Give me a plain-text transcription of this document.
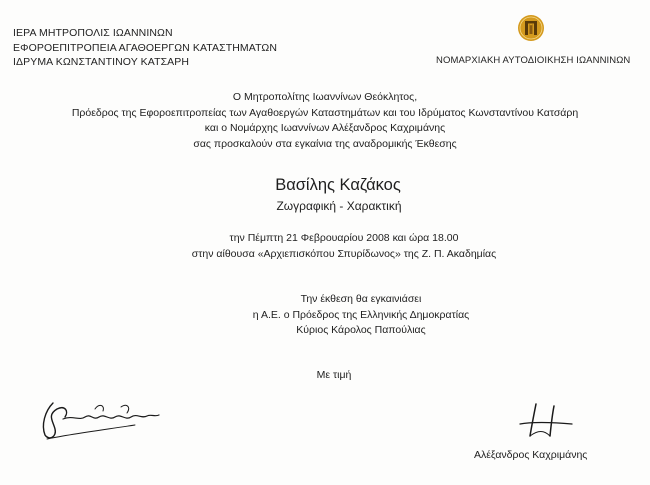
ΙΕΡΑ ΜΗΤΡΟΠΟΛΙΣ ΙΩΑΝΝΙΝΩΝ
ΕΦΟΡΟΕΠΙΤΡΟΠΕΙΑ ΑΓΑΘΟΕΡΓΩΝ ΚΑΤΑΣΤΗΜΑΤΩΝ
ΙΔΡΥΜΑ ΚΩΝΣΤΑΝΤΙΝΟΥ ΚΑΤΣΑΡΗ	ΝΟΜΑΡΧΙΑΚΗ ΑΥΤΟΔΙΟΙΚΗΣΗ ΙΩΑΝΝΙΝΩΝ
Ο Μητροπολίτης Ιωαννίνων Θεόκλητος,
Πρόεδρος της Εφοροεπιτροπείας των Αγαθοεργών Καταστημάτων και του Ιδρύματος Κωνσταντίνου Κατσάρη
και ο Νομάρχης Ιωαννίνων Αλέξανδρος Καχριμάνης
σας προσκαλούν στα εγκαίνια της αναδρομικής Έκθεσης
Βασίλης Καζάκος
Ζωγραφική - Χαρακτική
την Πέμπτη 21 Φεβρουαρίου 2008 και ώρα 18.00
στην αίθουσα «Αρχιεπισκόπου Σπυρίδωνος» της Ζ. Π. Ακαδημίας
Την έκθεση θα εγκαινιάσει
η Α.Ε. ο Πρόεδρος της Ελληνικής Δημοκρατίας
Κύριος Κάρολος Παπούλιας
Με τιμή
Αλέξανδρος Καχριμάνης
